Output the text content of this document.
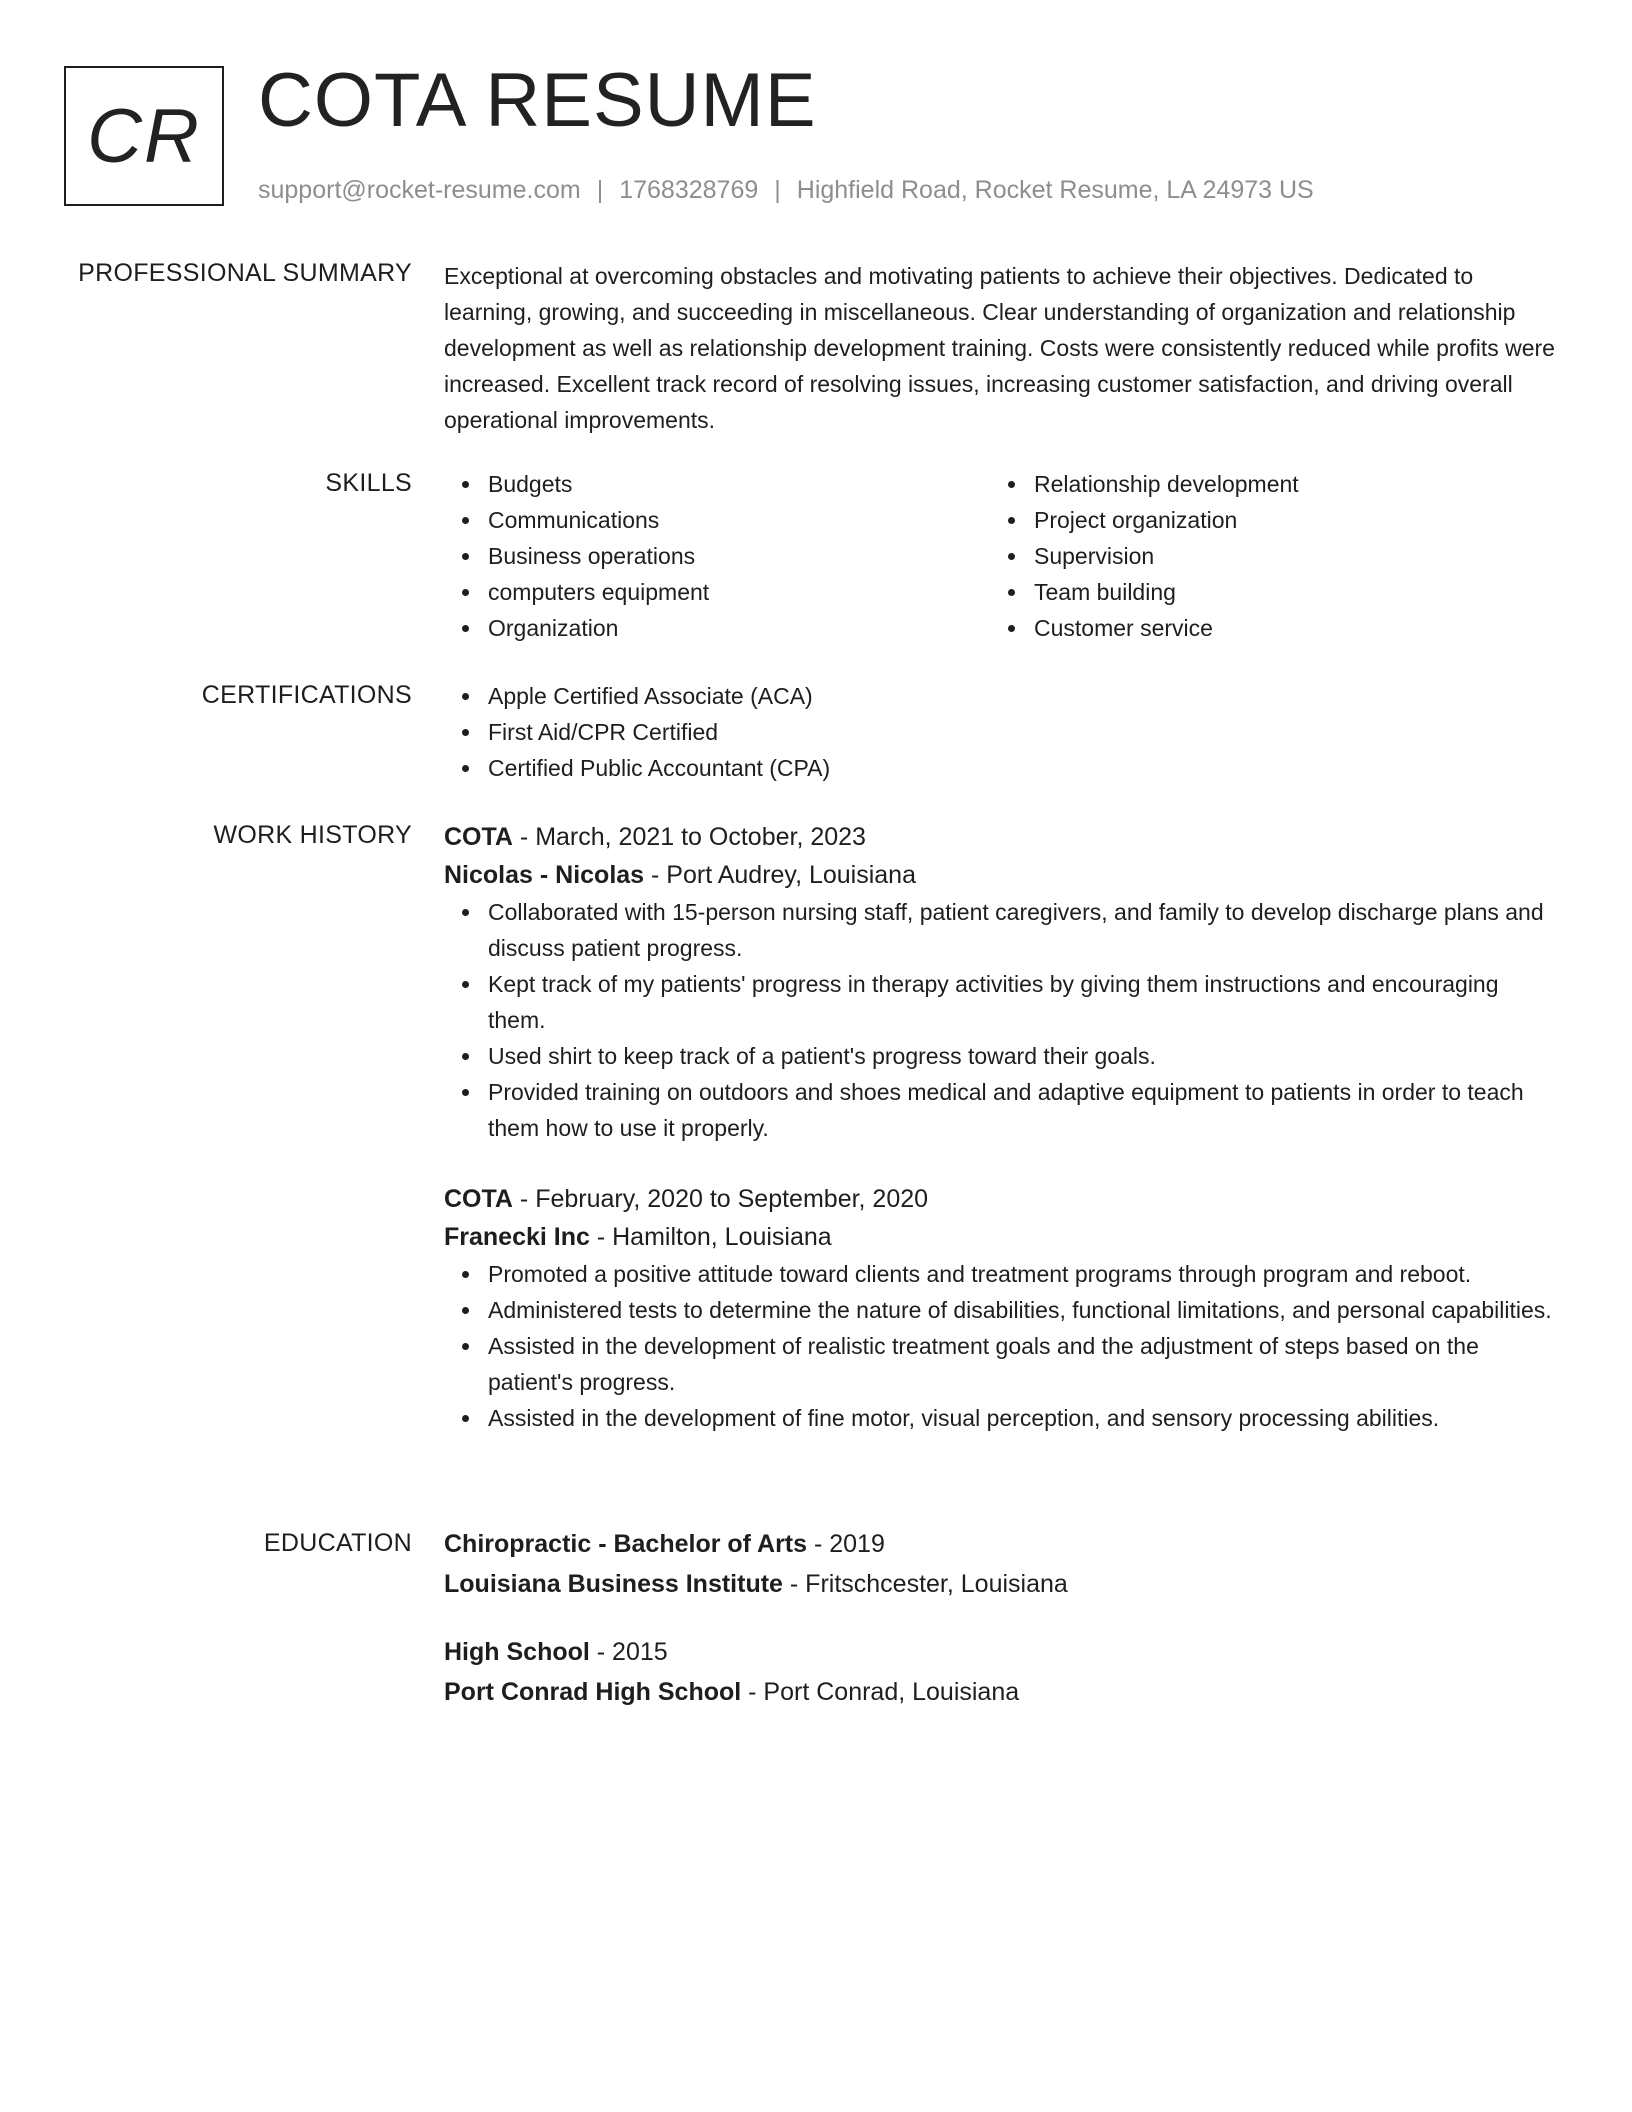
CR COTA RESUME
support@rocket-resume.com | 1768328769 | Highfield Road, Rocket Resume, LA 24973 US
PROFESSIONAL SUMMARY Exceptional at overcoming obstacles and motivating patients to achieve their objectives. Dedicated to learning, growing, and succeeding in miscellaneous. Clear understanding of organization and relationship development as well as relationship development training. Costs were consistently reduced while profits were increased. Excellent track record of resolving issues, increasing customer satisfaction, and driving overall operational improvements.

SKILLS	Budgets
Communications
Business operations
computers equipment
Organization
Relationship development
Project organization
Supervision
Team building
Customer service
CERTIFICATIONS	Apple Certified Associate (ACA)
First Aid/CPR Certified
Certified Public Accountant (CPA)
WORK HISTORY COTA - March, 2021 to October, 2023
Nicolas - Nicolas - Port Audrey, Louisiana
Collaborated with 15-person nursing staff, patient caregivers, and family to develop discharge plans and discuss patient progress.
Kept track of my patients' progress in therapy activities by giving them instructions and encouraging them.
Used shirt to keep track of a patient's progress toward their goals.
Provided training on outdoors and shoes medical and adaptive equipment to patients in order to teach them how to use it properly.
COTA - February, 2020 to September, 2020
Franecki Inc - Hamilton, Louisiana
Promoted a positive attitude toward clients and treatment programs through program and reboot.
Administered tests to determine the nature of disabilities, functional limitations, and personal capabilities.
Assisted in the development of realistic treatment goals and the adjustment of steps based on the patient's progress.
Assisted in the development of fine motor, visual perception, and sensory processing abilities.
EDUCATION Chiropractic - Bachelor of Arts - 2019
Louisiana Business Institute - Fritschcester, Louisiana
High School - 2015
Port Conrad High School - Port Conrad, Louisiana
